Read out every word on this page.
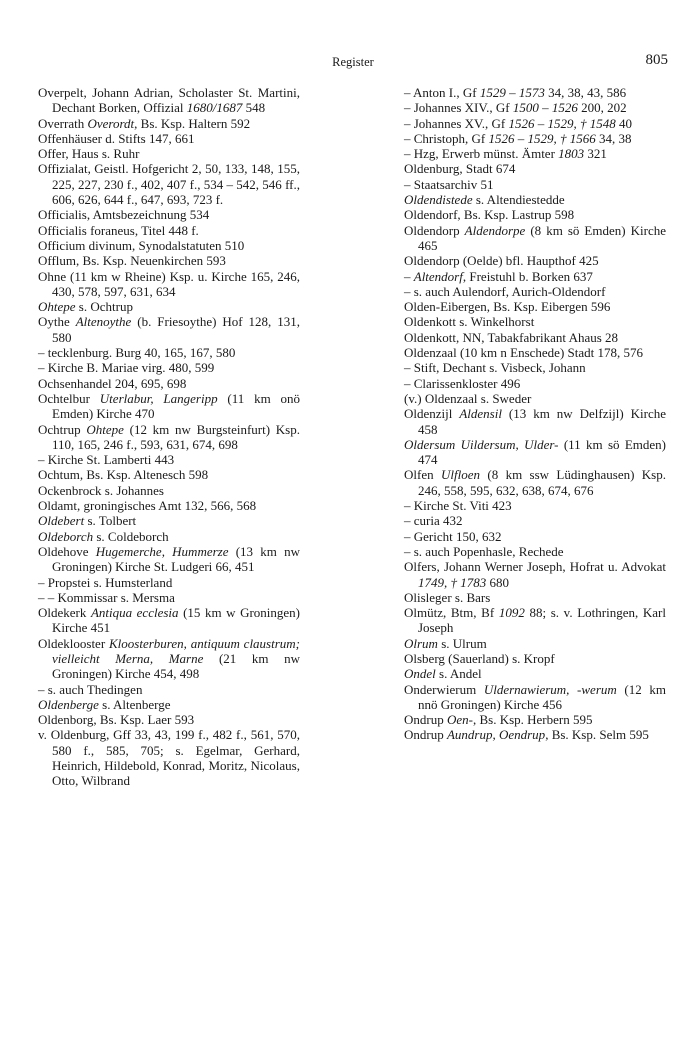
Register	805
Overpelt, Johann Adrian, Scholaster St. Martini, Dechant Borken, Offizial 1680/1687 548
Overrath Overordt, Bs. Ksp. Haltern 592
Offenhäuser d. Stifts 147, 661
Offer, Haus s. Ruhr
Offizialat, Geistl. Hofgericht 2, 50, 133, 148, 155, 225, 227, 230 f., 402, 407 f., 534 – 542, 546 ff., 606, 626, 644 f., 647, 693, 723 f.
Officialis, Amtsbezeichnung 534
Officialis foraneus, Titel 448 f.
Officium divinum, Synodalstatuten 510
Offlum, Bs. Ksp. Neuenkirchen 593
Ohne (11 km w Rheine) Ksp. u. Kirche 165, 246, 430, 578, 597, 631, 634
Ohtepe s. Ochtrup
Oythe Altenoythe (b. Friesoythe) Hof 128, 131, 580
– tecklenburg. Burg 40, 165, 167, 580
– Kirche B. Mariae virg. 480, 599
Ochsenhandel 204, 695, 698
Ochtelbur Uterlabur, Langeripp (11 km onö Emden) Kirche 470
Ochtrup Ohtepe (12 km nw Burgsteinfurt) Ksp. 110, 165, 246 f., 593, 631, 674, 698
– Kirche St. Lamberti 443
Ochtum, Bs. Ksp. Altenesch 598
Ockenbrock s. Johannes
Oldamt, groningisches Amt 132, 566, 568
Oldebert s. Tolbert
Oldeborch s. Coldeborch
Oldehove Hugemerche, Hummerze (13 km nw Groningen) Kirche St. Ludgeri 66, 451
– Propstei s. Humsterland
– – Kommissar s. Mersma
Oldekerk Antiqua ecclesia (15 km w Groningen) Kirche 451
Oldeklooster Kloosterburen, antiquum claustrum; vielleicht Merna, Marne (21 km nw Groningen) Kirche 454, 498
– s. auch Thedingen
Oldenberge s. Altenberge
Oldenborg, Bs. Ksp. Laer 593
v. Oldenburg, Gff 33, 43, 199 f., 482 f., 561, 570, 580 f., 585, 705; s. Egelmar, Gerhard, Heinrich, Hildebold, Konrad, Moritz, Nicolaus, Otto, Wilbrand
– Anton I., Gf 1529 – 1573 34, 38, 43, 586
– Johannes XIV., Gf 1500 – 1526 200, 202
– Johannes XV., Gf 1526 – 1529, † 1548 40
– Christoph, Gf 1526 – 1529, † 1566 34, 38
– Hzg, Erwerb münst. Ämter 1803 321
Oldenburg, Stadt 674
– Staatsarchiv 51
Oldendistede s. Altendiestedde
Oldendorf, Bs. Ksp. Lastrup 598
Oldendorp Aldendorpe (8 km sö Emden) Kirche 465
Oldendorp (Oelde) bfl. Haupthof 425
– Altendorf, Freistuhl b. Borken 637
– s. auch Aulendorf, Aurich-Oldendorf
Olden-Eibergen, Bs. Ksp. Eibergen 596
Oldenkott s. Winkelhorst
Oldenkott, NN, Tabakfabrikant Ahaus 28
Oldenzaal (10 km n Enschede) Stadt 178, 576
– Stift, Dechant s. Visbeck, Johann
– Clarissenkloster 496
(v.) Oldenzaal s. Sweder
Oldenzijl Aldensil (13 km nw Delfzijl) Kirche 458
Oldersum Uildersum, Ulder- (11 km sö Emden) 474
Olfen Ulfloen (8 km ssw Lüdinghausen) Ksp. 246, 558, 595, 632, 638, 674, 676
– Kirche St. Viti 423
– curia 432
– Gericht 150, 632
– s. auch Popenhasle, Rechede
Olfers, Johann Werner Joseph, Hofrat u. Advokat 1749, † 1783 680
Olisleger s. Bars
Olmütz, Btm, Bf 1092 88; s. v. Lothringen, Karl Joseph
Olrum s. Ulrum
Olsberg (Sauerland) s. Kropf
Ondel s. Andel
Onderwierum Uldernawierum, -werum (12 km nnö Groningen) Kirche 456
Ondrup Oen-, Bs. Ksp. Herbern 595
Ondrup Aundrup, Oendrup, Bs. Ksp. Selm 595
